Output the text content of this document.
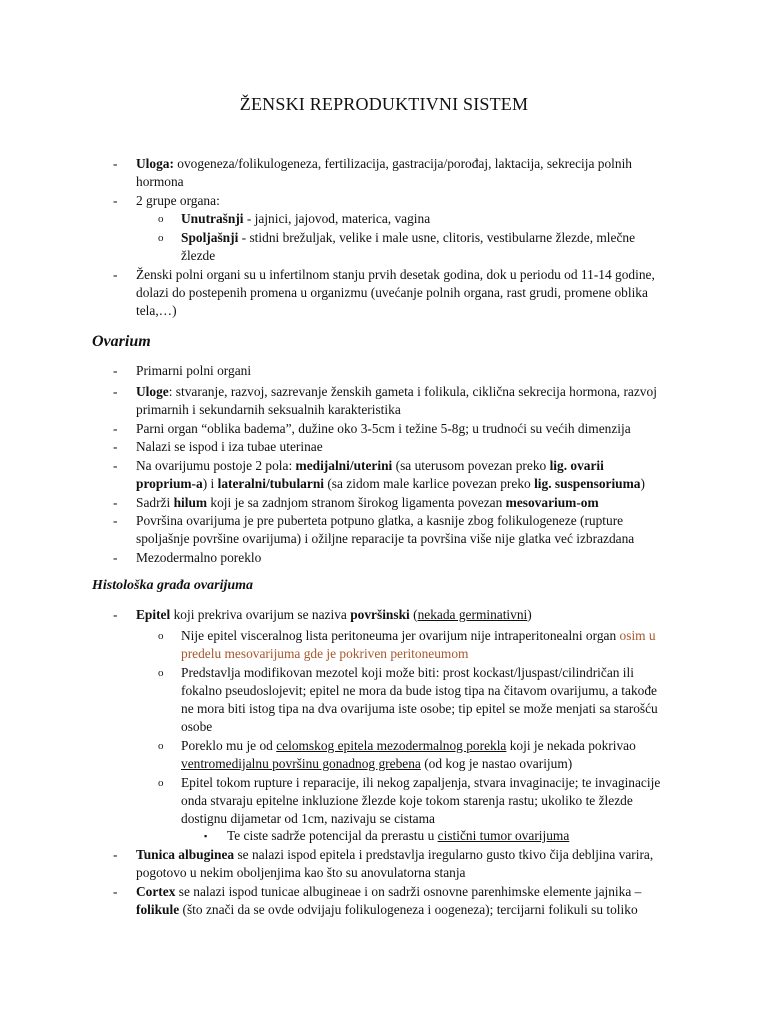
ŽENSKI REPRODUKTIVNI SISTEM
- Uloga: ovogeneza/folikulogeneza, fertilizacija, gastracija/porođaj, laktacija, sekrecija polnih
hormona
- 2 grupe organa:
o Unutrašnji - jajnici, jajovod, materica, vagina
o Spoljašnji - stidni brežuljak, velike i male usne, clitoris, vestibularne žlezde, mlečne
žlezde
- Ženski polni organi su u infertilnom stanju prvih desetak godina, dok u periodu od 11-14 godine,
dolazi do postepenih promena u organizmu (uvećanje polnih organa, rast grudi, promene oblika
tela,…)
Ovarium
- Primarni polni organi
- Uloge: stvaranje, razvoj, sazrevanje ženskih gameta i folikula, ciklična sekrecija hormona, razvoj
primarnih i sekundarnih seksualnih karakteristika
- Parni organ “oblika badema”, dužine oko 3-5cm i težine 5-8g; u trudnoći su većih dimenzija
- Nalazi se ispod i iza tubae uterinae
- Na ovarijumu postoje 2 pola: medijalni/uterini (sa uterusom povezan preko lig. ovarii
proprium-a) i lateralni/tubularni (sa zidom male karlice povezan preko lig. suspensoriuma)
- Sadrži hilum koji je sa zadnjom stranom širokog ligamenta povezan mesovarium-om
- Površina ovarijuma je pre puberteta potpuno glatka, a kasnije zbog folikulogeneze (rupture
spoljašnje površine ovarijuma) i ožiljne reparacije ta površina više nije glatka već izbrazdana
- Mezodermalno poreklo
Histološka građa ovarijuma
- Epitel koji prekriva ovarijum se naziva površinski (nekada germinativni)
o Nije epitel visceralnog lista peritoneuma jer ovarijum nije intraperitonealni organ osim u
predelu mesovarijuma gde je pokriven peritoneumom
o Predstavlja modifikovan mezotel koji može biti: prost kockast/ljuspast/cilindričan ili
fokalno pseudoslojevit; epitel ne mora da bude istog tipa na čitavom ovarijumu, a takođe
ne mora biti istog tipa na dva ovarijuma iste osobe; tip epitel se može menjati sa starošću
osobe
o Poreklo mu je od celomskog epitela mezodermalnog porekla koji je nekada pokrivao
ventromedijalnu površinu gonadnog grebena (od kog je nastao ovarijum)
o Epitel tokom rupture i reparacije, ili nekog zapaljenja, stvara invaginacije; te invaginacije
onda stvaraju epitelne inkluzione žlezde koje tokom starenja rastu; ukoliko te žlezde
dostignu dijametar od 1cm, nazivaju se cistama
▪ Te ciste sadrže potencijal da prerastu u cistični tumor ovarijuma
- Tunica albuginea se nalazi ispod epitela i predstavlja iregularno gusto tkivo čija debljina varira,
pogotovo u nekim oboljenjima kao što su anovulatorna stanja
- Cortex se nalazi ispod tunicae albugineae i on sadrži osnovne parenhimske elemente jajnika –
folikule (što znači da se ovde odvijaju folikulogeneza i oogeneza); tercijarni folikuli su toliko
